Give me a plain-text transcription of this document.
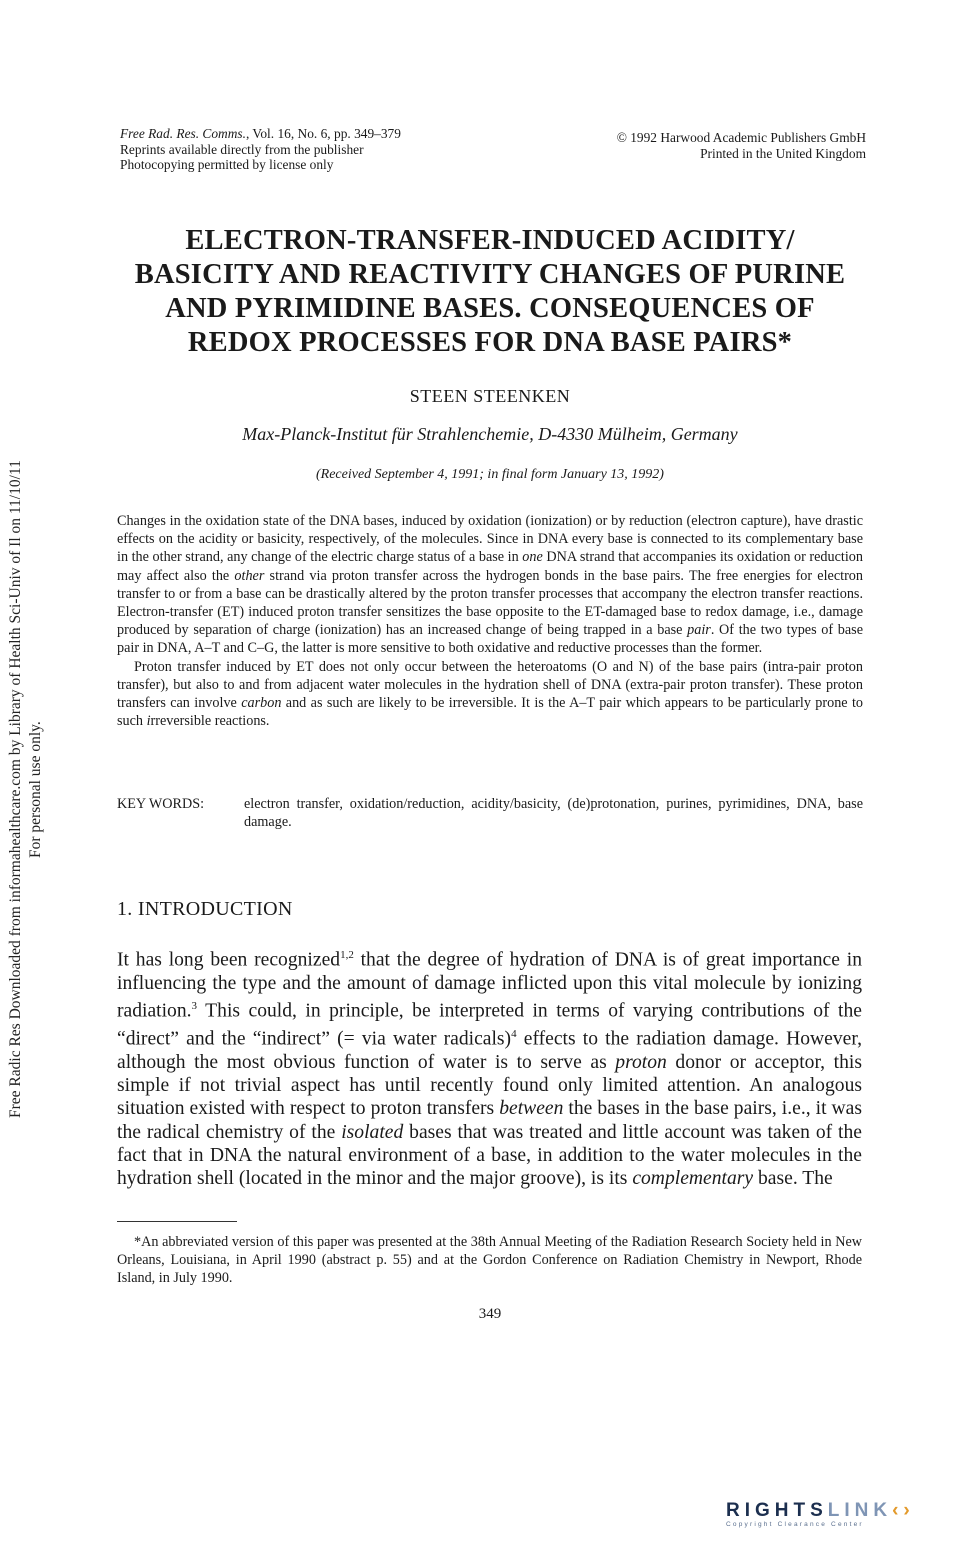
Free Radic Res Downloaded from informahealthcare.com by Library of Health Sci-Univ of Il on 11/10/11 For personal use only.
Free Rad. Res. Comms., Vol. 16, No. 6, pp. 349–379
Reprints available directly from the publisher
Photocopying permitted by license only
© 1992 Harwood Academic Publishers GmbH
Printed in the United Kingdom
ELECTRON-TRANSFER-INDUCED ACIDITY/
BASICITY AND REACTIVITY CHANGES OF PURINE
AND PYRIMIDINE BASES. CONSEQUENCES OF
REDOX PROCESSES FOR DNA BASE PAIRS*
STEEN STEENKEN
Max-Planck-Institut für Strahlenchemie, D-4330 Mülheim, Germany
(Received September 4, 1991; in final form January 13, 1992)

Changes in the oxidation state of the DNA bases, induced by oxidation (ionization) or by reduction (electron capture), have drastic effects on the acidity or basicity, respectively, of the molecules. Since in DNA every base is connected to its complementary base in the other strand, any change of the electric charge status of a base in one DNA strand that accompanies its oxidation or reduction may affect also the other strand via proton transfer across the hydrogen bonds in the base pairs. The free energies for electron transfer to or from a base can be drastically altered by the proton transfer processes that accompany the electron transfer reactions. Electron-transfer (ET) induced proton transfer sensitizes the base opposite to the ET-damaged base to redox damage, i.e., damage produced by separation of charge (ionization) has an increased change of being trapped in a base pair. Of the two types of base pair in DNA, A–T and C–G, the latter is more sensitive to both oxidative and reductive processes than the former.

Proton transfer induced by ET does not only occur between the heteroatoms (O and N) of the base pairs (intra-pair proton transfer), but also to and from adjacent water molecules in the hydration shell of DNA (extra-pair proton transfer). These proton transfers can involve carbon and as such are likely to be irreversible. It is the A–T pair which appears to be particularly prone to such irreversible reactions.

KEY WORDS:	electron transfer, oxidation/reduction, acidity/basicity, (de)protonation, purines, pyrimidines, DNA, base damage.
1. INTRODUCTION

It has long been recognized$^{1,2}$ that the degree of hydration of DNA is of great importance in influencing the type and the amount of damage inflicted upon this vital molecule by ionizing radiation.$^3$ This could, in principle, be interpreted in terms of varying contributions of the “direct” and the “indirect” (= via water radicals)$^4$ effects to the radiation damage. However, although the most obvious function of water is to serve as proton donor or acceptor, this simple if not trivial aspect has until recently found only limited attention. An analogous situation existed with respect to proton transfers between the bases in the base pairs, i.e., it was the radical chemistry of the isolated bases that was treated and little account was taken of the fact that in DNA the natural environment of a base, in addition to the water molecules in the hydration shell (located in the minor and the major groove), is its complementary base. The

*An abbreviated version of this paper was presented at the 38th Annual Meeting of the Radiation Research Society held in New Orleans, Louisiana, in April 1990 (abstract p. 55) and at the Gordon Conference on Radiation Chemistry in Newport, Rhode Island, in July 1990.
349
RIGHTSLINK‹›
Copyright Clearance Center
